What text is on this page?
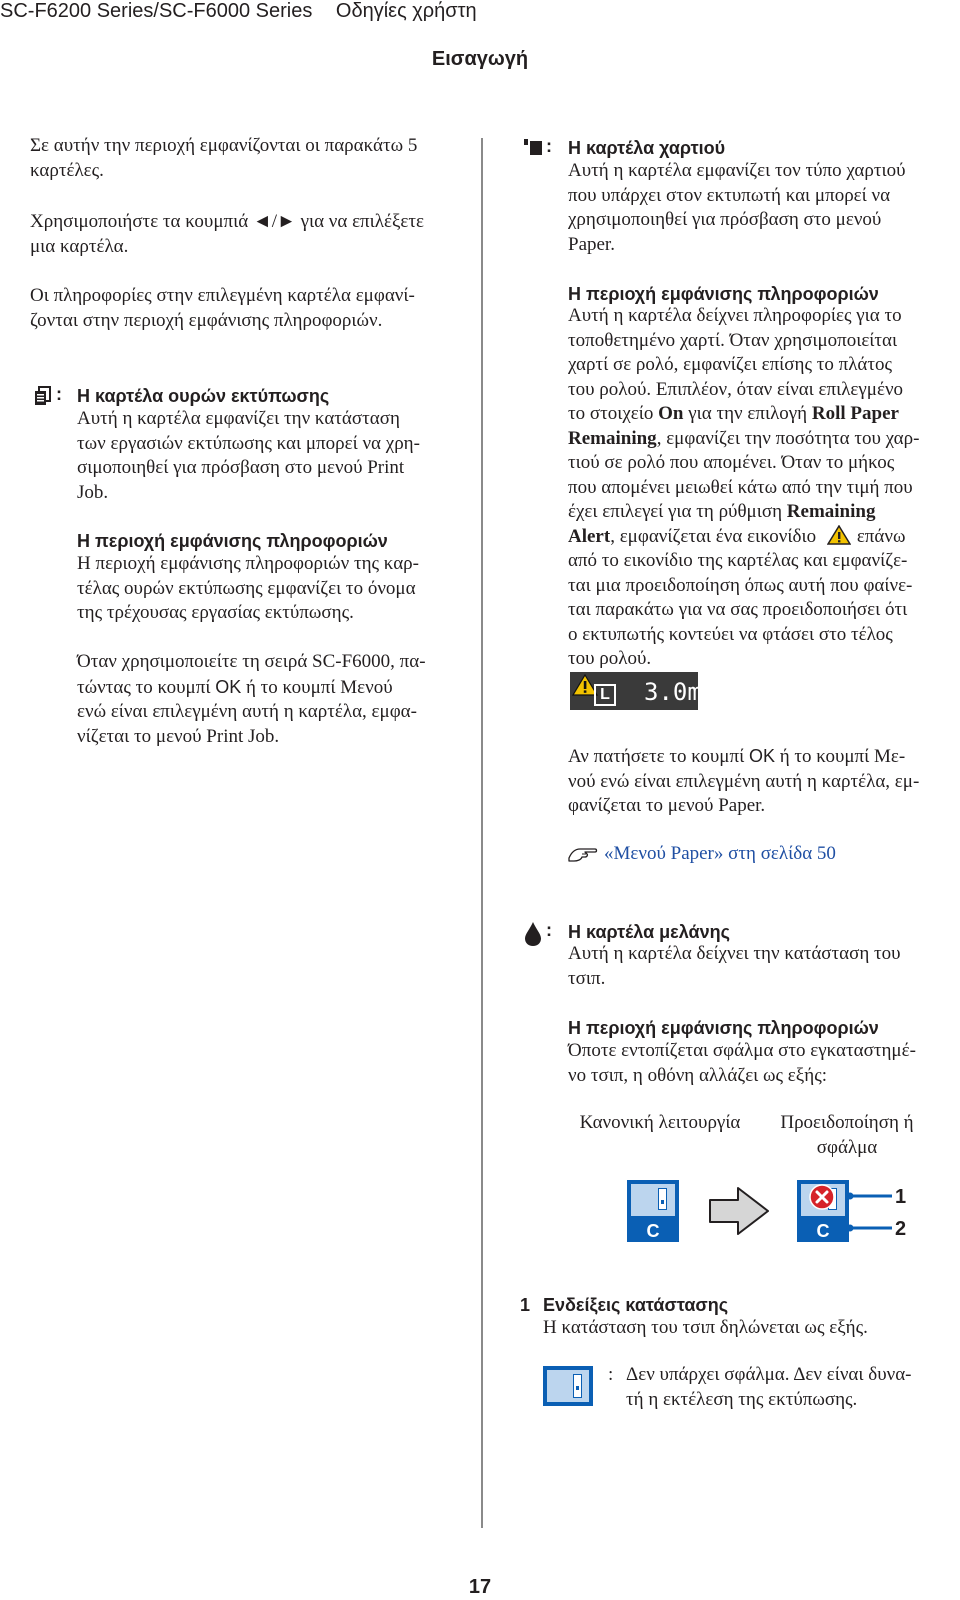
SC-F6200 Series/SC-F6000 Series Οδηγίες χρήστη
Εισαγωγή

Σε αυτήν την περιοχή εμφανίζονται οι παρακάτω 5
καρτέλες.

Χρησιμοποιήστε τα κουμπιά ◄/► για να επιλέξετε
μια καρτέλα.

Οι πληροφορίες στην επιλεγμένη καρτέλα εμφανί-
ζονται στην περιοχή εμφάνισης πληροφοριών.

: Η καρτέλα ουρών εκτύπωσης

Αυτή η καρτέλα εμφανίζει την κατάσταση
των εργασιών εκτύπωσης και μπορεί να χρη-
σιμοποιηθεί για πρόσβαση στο μενού Print
Job.

Η περιοχή εμφάνισης πληροφοριών

Η περιοχή εμφάνισης πληροφοριών της καρ-
τέλας ουρών εκτύπωσης εμφανίζει το όνομα
της τρέχουσας εργασίας εκτύπωσης.

Όταν χρησιμοποιείτε τη σειρά SC-F6000, πα-
τώντας το κουμπί OK ή το κουμπί Μενού
ενώ είναι επιλεγμένη αυτή η καρτέλα, εμφα-
νίζεται το μενού Print Job.

: Η καρτέλα χαρτιού

Αυτή η καρτέλα εμφανίζει τον τύπο χαρτιού
που υπάρχει στον εκτυπωτή και μπορεί να
χρησιμοποιηθεί για πρόσβαση στο μενού
Paper.

Η περιοχή εμφάνισης πληροφοριών

Αυτή η καρτέλα δείχνει πληροφορίες για το
τοποθετημένο χαρτί. Όταν χρησιμοποιείται
χαρτί σε ρολό, εμφανίζει επίσης το πλάτος
του ρολού. Επιπλέον, όταν είναι επιλεγμένο
το στοιχείο On για την επιλογή Roll Paper
Remaining, εμφανίζει την ποσότητα του χαρ-
τιού σε ρολό που απομένει. Όταν το μήκος
που απομένει μειωθεί κάτω από την τιμή που
έχει επιλεγεί για τη ρύθμιση Remaining
Alert, εμφανίζεται ένα εικονίδιο επάνω
από το εικονίδιο της καρτέλας και εμφανίζε-
ται μια προειδοποίηση όπως αυτή που φαίνε-
ται παρακάτω για να σας προειδοποιήσει ότι
ο εκτυπωτής κοντεύει να φτάσει στο τέλος
του ρολού.

L 3.0m

Αν πατήσετε το κουμπί OK ή το κουμπί Με-
νού ενώ είναι επιλεγμένη αυτή η καρτέλα, εμ-
φανίζεται το μενού Paper.

«Μενού Paper» στη σελίδα 50
: Η καρτέλα μελάνης

Αυτή η καρτέλα δείχνει την κατάσταση του
τσιπ.

Η περιοχή εμφάνισης πληροφοριών

Όποτε εντοπίζεται σφάλμα στο εγκαταστημέ-
νο τσιπ, η οθόνη αλλάζει ως εξής:

Κανονική λειτουργία	Προειδοποίηση ή
σφάλμα
C	C
1
2

1 Ενδείξεις κατάστασης

Η κατάσταση του τσιπ δηλώνεται ως εξής.

: Δεν υπάρχει σφάλμα. Δεν είναι δυνα-
τή η εκτέλεση της εκτύπωσης.

17
